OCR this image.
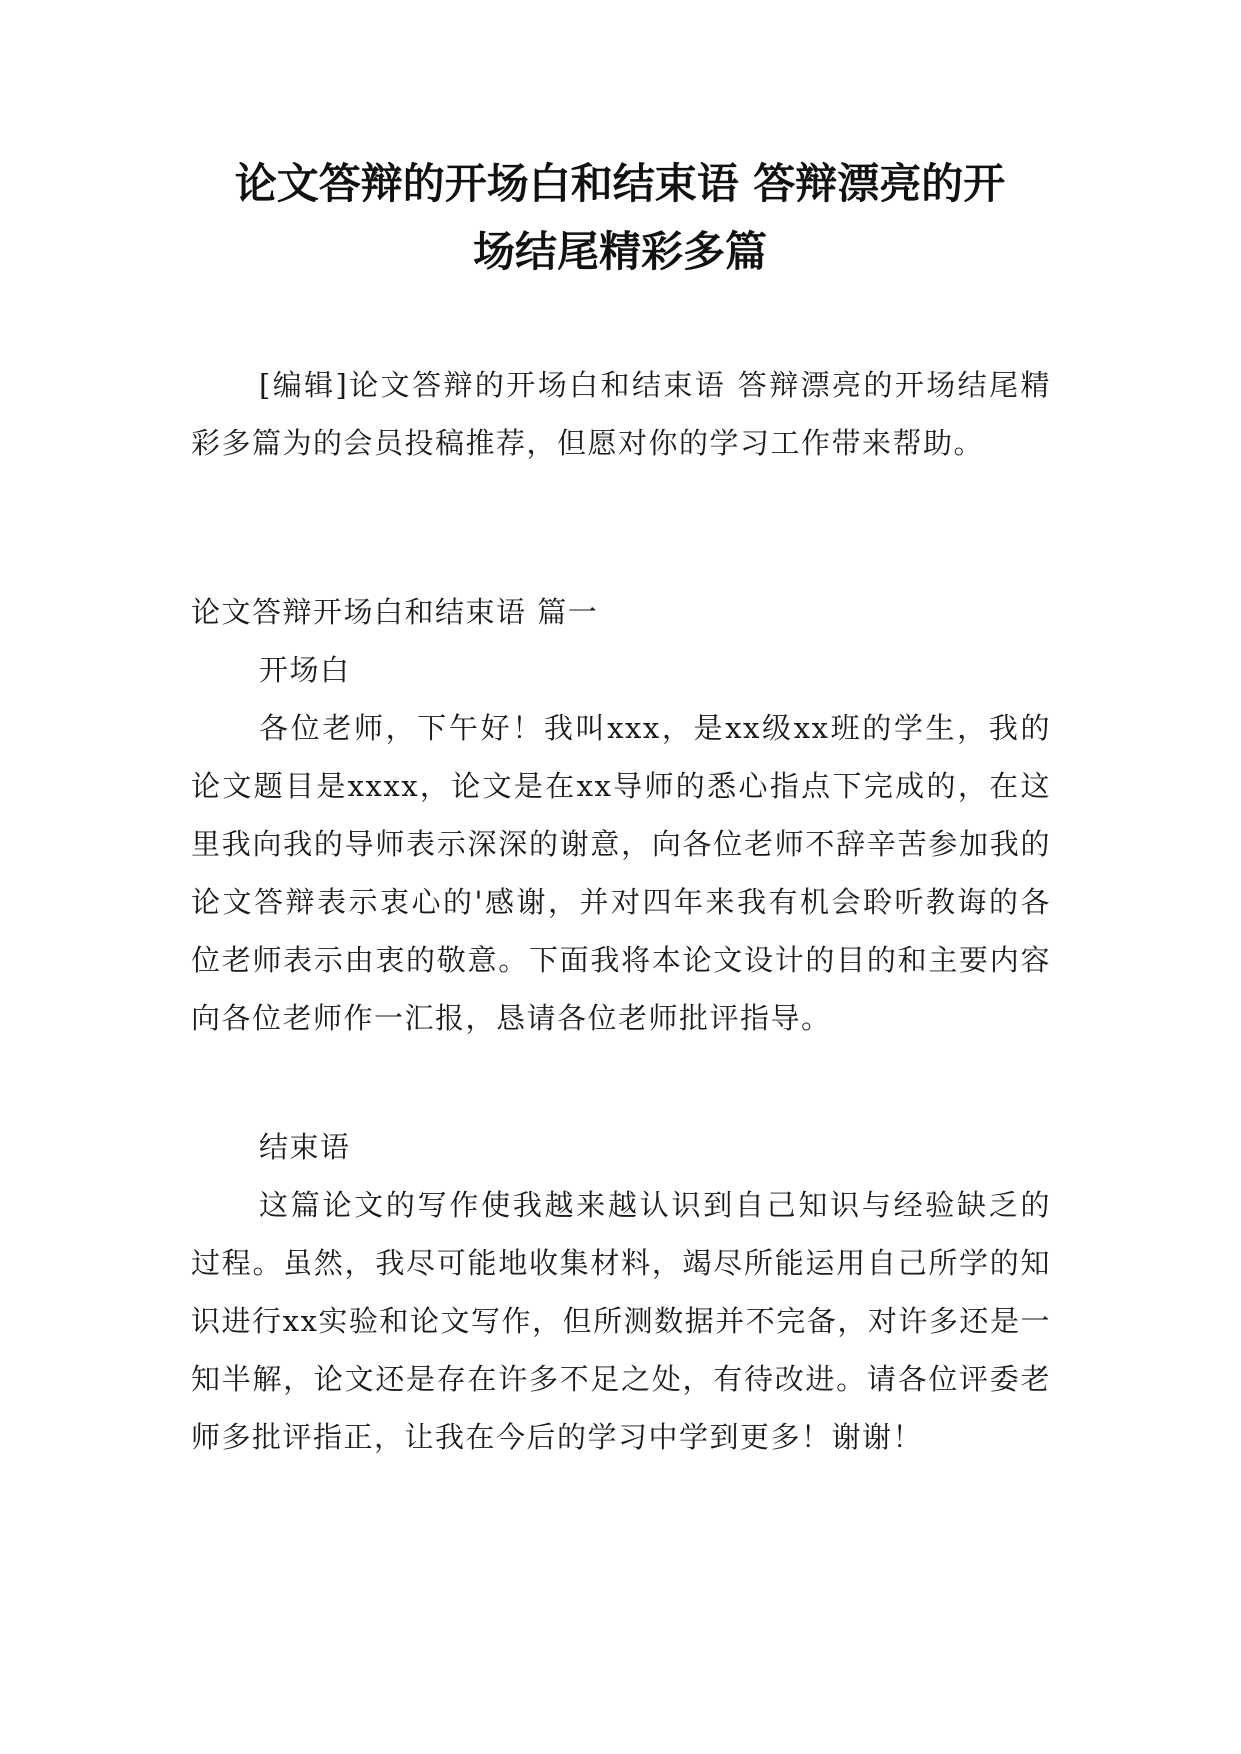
论文答辩的开场白和结束语 答辩漂亮的开
场结尾精彩多篇

[编辑]论文答辩的开场白和结束语 答辩漂亮的开场结尾精彩多篇为的会员投稿推荐，但愿对你的学习工作带来帮助。

论文答辩开场白和结束语 篇一

开场白

各位老师，下午好！我叫xxx，是xx级xx班的学生，我的论文题目是xxxx，论文是在xx导师的悉心指点下完成的，在这里我向我的导师表示深深的谢意，向各位老师不辞辛苦参加我的论文答辩表示衷心的'感谢，并对四年来我有机会聆听教诲的各位老师表示由衷的敬意。下面我将本论文设计的目的和主要内容向各位老师作一汇报，恳请各位老师批评指导。

结束语

这篇论文的写作使我越来越认识到自己知识与经验缺乏的过程。虽然，我尽可能地收集材料，竭尽所能运用自己所学的知识进行xx实验和论文写作，但所测数据并不完备，对许多还是一知半解，论文还是存在许多不足之处，有待改进。请各位评委老师多批评指正，让我在今后的学习中学到更多！谢谢！
